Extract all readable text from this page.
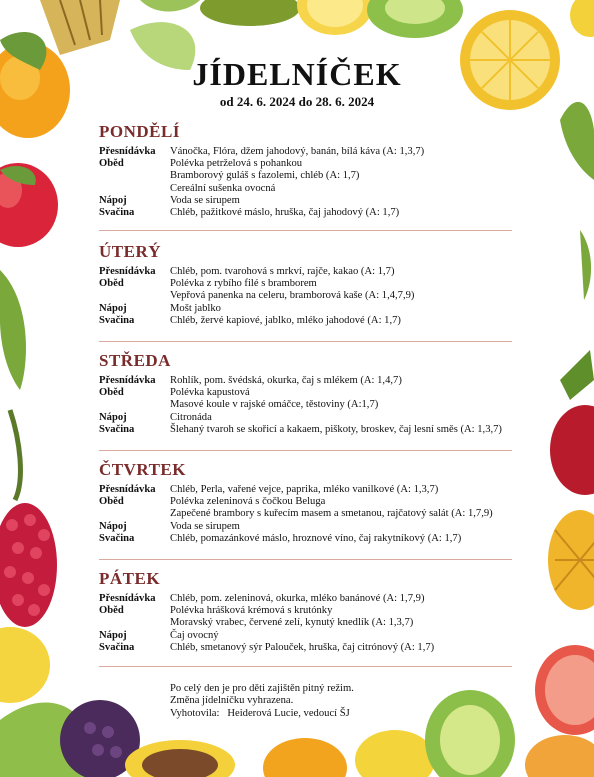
JÍDELNÍČEK
od 24. 6. 2024 do 28. 6. 2024
PONDĚLÍ
Přesnídávka	Vánočka, Flóra, džem jahodový, banán, bílá káva (A: 1,3,7)
Oběd	Polévka petrželová s pohankou
Bramborový guláš s fazolemi, chléb (A: 1,7)
Cereální sušenka ovocná
Nápoj	Voda se sirupem
Svačina	Chléb, pažitkové máslo, hruška, čaj jahodový (A: 1,7)
ÚTERÝ
Přesnídávka	Chléb, pom. tvarohová s mrkví, rajče, kakao (A: 1,7)
Oběd	Polévka z rybího filé s bramborem
Vepřová panenka na celeru, bramborová kaše (A: 1,4,7,9)
Nápoj	Mošt jablko
Svačina	Chléb, žervé kapiové, jablko, mléko jahodové (A: 1,7)
STŘEDA
Přesnídávka	Rohlík, pom. švédská, okurka, čaj s mlékem (A: 1,4,7)
Oběd	Polévka kapustová
Masové koule v rajské omáčce, těstoviny (A:1,7)
Nápoj	Citronáda
Svačina	Šlehaný tvaroh se skořicí a kakaem, piškoty, broskev, čaj lesní směs (A: 1,3,7)
ČTVRTEK
Přesnídávka	Chléb, Perla, vařené vejce, paprika, mléko vanilkové (A: 1,3,7)
Oběd	Polévka zeleninová s čočkou Beluga
Zapečené brambory s kuřecím masem a smetanou, rajčatový salát (A: 1,7,9)
Nápoj	Voda se sirupem
Svačina	Chléb, pomazánkové máslo, hroznové víno, čaj rakytníkový (A: 1,7)
PÁTEK
Přesnídávka	Chléb, pom. zeleninová, okurka, mléko banánové (A: 1,7,9)
Oběd	Polévka hrášková krémová s krutónky
Moravský vrabec, červené zelí, kynutý knedlík (A: 1,3,7)
Nápoj	Čaj ovocný
Svačina	Chléb, smetanový sýr Palouček, hruška, čaj citrónový (A: 1,7)
Po celý den je pro děti zajištěn pitný režim.
Změna jídelníčku vyhrazena.
Vyhotovila:   Heiderová Lucie, vedoucí ŠJ
